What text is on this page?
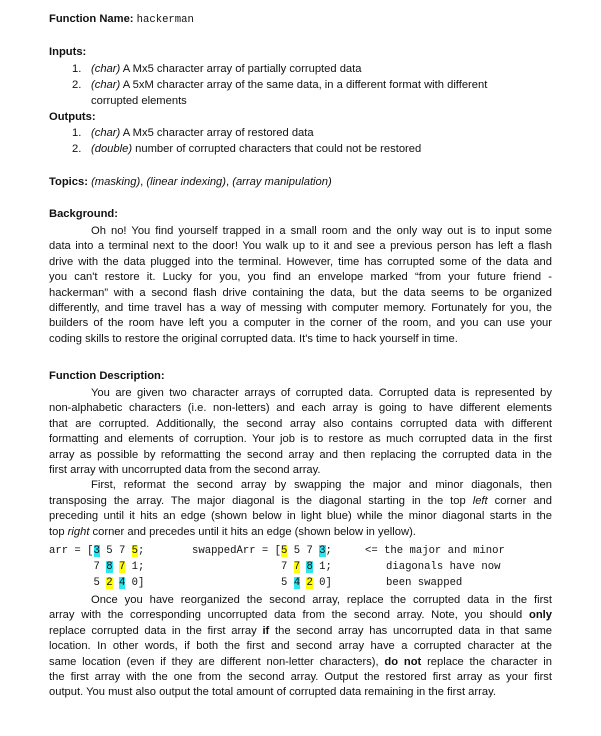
Function Name: hackerman
Inputs:
1. (char) A Mx5 character array of partially corrupted data
2. (char) A 5xM character array of the same data, in a different format with different
corrupted elements
Outputs:
1. (char) A Mx5 character array of restored data
2. (double) number of corrupted characters that could not be restored
Topics: (masking), (linear indexing), (array manipulation)
Background:
Oh no! You find yourself trapped in a small room and the only way out is to input some
data into a terminal next to the door! You walk up to it and see a previous person has left a flash
drive with the data plugged into the terminal. However, time has corrupted some of the data and
you can't restore it. Lucky for you, you find an envelope marked “from your future friend -
hackerman” with a second flash drive containing the data, but the data seems to be organized
differently, and time travel has a way of messing with computer memory. Fortunately for you, the
builders of the room have left you a computer in the corner of the room, and you can use your
coding skills to restore the original corrupted data. It's time to hack yourself in time.
Function Description:
You are given two character arrays of corrupted data. Corrupted data is represented by
non-alphabetic characters (i.e. non-letters) and each array is going to have different elements
that are corrupted. Additionally, the second array also contains corrupted data with different
formatting and elements of corruption. Your job is to restore as much corrupted data in the first
array as possible by reformatting the second array and then replacing the corrupted data in the
first array with uncorrupted data from the second array.
First, reformat the second array by swapping the major and minor diagonals, then
transposing the array. The major diagonal is the diagonal starting in the top left corner and
preceding until it hits an edge (shown below in light blue) while the minor diagonal starts in the
top right corner and precedes until it hits an edge (shown below in yellow).
arr = [3 5 7 5;
7 8 7 1;
5 2 4 0]
swappedArr = [5 5 7 3;
7 7 8 1;
5 4 2 0]
<= the major and minor
diagonals have now
been swapped
Once you have reorganized the second array, replace the corrupted data in the first
array with the corresponding uncorrupted data from the second array. Note, you should only
replace corrupted data in the first array if the second array has uncorrupted data in that same
location. In other words, if both the first and second array have a corrupted character at the
same location (even if they are different non-letter characters), do not replace the character in
the first array with the one from the second array. Output the restored first array as your first
output. You must also output the total amount of corrupted data remaining in the first array.
